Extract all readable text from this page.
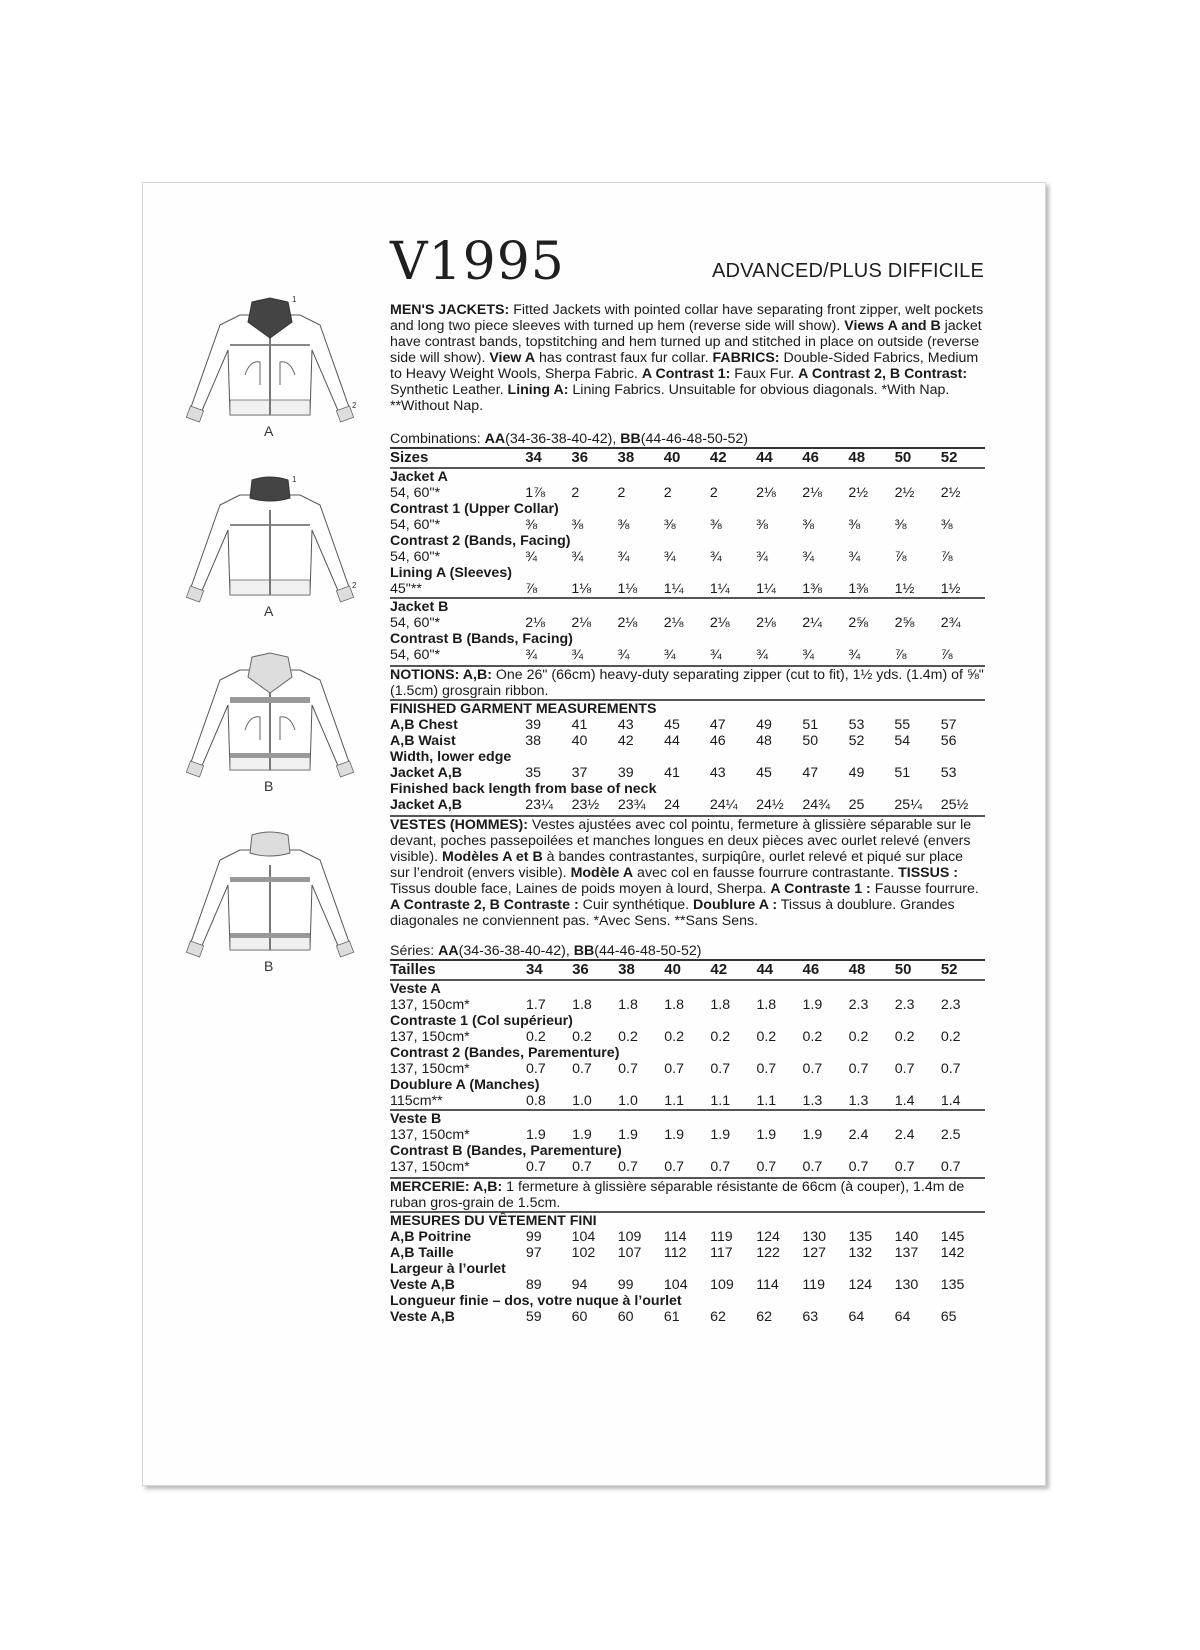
V1995	ADVANCED/PLUS DIFFICILE
1
2
A
1
2
A
B
B

MEN'S JACKETS: Fitted Jackets with pointed collar have separating front zipper, welt pockets and long two piece sleeves with turned up hem (reverse side will show). Views A and B jacket have contrast bands, topstitching and hem turned up and stitched in place on outside (reverse side will show). View A has contrast faux fur collar. FABRICS: Double-Sided Fabrics, Medium to Heavy Weight Wools, Sherpa Fabric. A Contrast 1: Faux Fur. A Contrast 2, B Contrast: Synthetic Leather. Lining A: Lining Fabrics. Unsuitable for obvious diagonals. *With Nap. **Without Nap.

Combinations: AA(34-36-38-40-42), BB(44-46-48-50-52)
Sizes	34	36	38	40	42	44	46	48	50	52
Jacket A										
54, 60"*	1⅞	2	2	2	2	2⅛	2⅛	2½	2½	2½
Contrast 1 (Upper Collar)										
54, 60"*	⅜	⅜	⅜	⅜	⅜	⅜	⅜	⅜	⅜	⅜
Contrast 2 (Bands, Facing)										
54, 60"*	¾	¾	¾	¾	¾	¾	¾	¾	⅞	⅞
Lining A (Sleeves)										
45"**	⅞	1⅛	1⅛	1¼	1¼	1¼	1⅜	1⅜	1½	1½
Jacket B										
54, 60"*	2⅛	2⅛	2⅛	2⅛	2⅛	2⅛	2¼	2⅝	2⅝	2¾
Contrast B (Bands, Facing)										
54, 60"*	¾	¾	¾	¾	¾	¾	¾	¾	⅞	⅞
NOTIONS: A,B: One 26" (66cm) heavy-duty separating zipper (cut to fit), 1½ yds. (1.4m) of ⅝" (1.5cm) grosgrain ribbon.
FINISHED GARMENT MEASUREMENTS
A,B Chest	39	41	43	45	47	49	51	53	55	57
A,B Waist	38	40	42	44	46	48	50	52	54	56
Width, lower edge										
Jacket A,B	35	37	39	41	43	45	47	49	51	53
Finished back length from base of neck										
Jacket A,B	23¼	23½	23¾	24	24¼	24½	24¾	25	25¼	25½

VESTES (HOMMES): Vestes ajustées avec col pointu, fermeture à glissière séparable sur le devant, poches passepoilées et manches longues en deux pièces avec ourlet relevé (envers visible). Modèles A et B à bandes contrastantes, surpiqûre, ourlet relevé et piqué sur place sur l’endroit (envers visible). Modèle A avec col en fausse fourrure contrastante. TISSUS : Tissus double face, Laines de poids moyen à lourd, Sherpa. A Contraste 1 : Fausse fourrure. A Contraste 2, B Contraste : Cuir synthétique. Doublure A : Tissus à doublure. Grandes diagonales ne conviennent pas. *Avec Sens. **Sans Sens.

Séries: AA(34-36-38-40-42), BB(44-46-48-50-52)
Tailles	34	36	38	40	42	44	46	48	50	52
Veste A										
137, 150cm*	1.7	1.8	1.8	1.8	1.8	1.8	1.9	2.3	2.3	2.3
Contraste 1 (Col supérieur)										
137, 150cm*	0.2	0.2	0.2	0.2	0.2	0.2	0.2	0.2	0.2	0.2
Contrast 2 (Bandes, Parementure)										
137, 150cm*	0.7	0.7	0.7	0.7	0.7	0.7	0.7	0.7	0.7	0.7
Doublure A (Manches)										
115cm**	0.8	1.0	1.0	1.1	1.1	1.1	1.3	1.3	1.4	1.4
Veste B										
137, 150cm*	1.9	1.9	1.9	1.9	1.9	1.9	1.9	2.4	2.4	2.5
Contrast B (Bandes, Parementure)										
137, 150cm*	0.7	0.7	0.7	0.7	0.7	0.7	0.7	0.7	0.7	0.7
MERCERIE: A,B: 1 fermeture à glissière séparable résistante de 66cm (à couper), 1.4m de ruban gros-grain de 1.5cm.
MESURES DU VÊTEMENT FINI
A,B Poitrine	99	104	109	114	119	124	130	135	140	145
A,B Taille	97	102	107	112	117	122	127	132	137	142
Largeur à l’ourlet										
Veste A,B	89	94	99	104	109	114	119	124	130	135
Longueur finie – dos, votre nuque à l’ourlet										
Veste A,B	59	60	60	61	62	62	63	64	64	65
